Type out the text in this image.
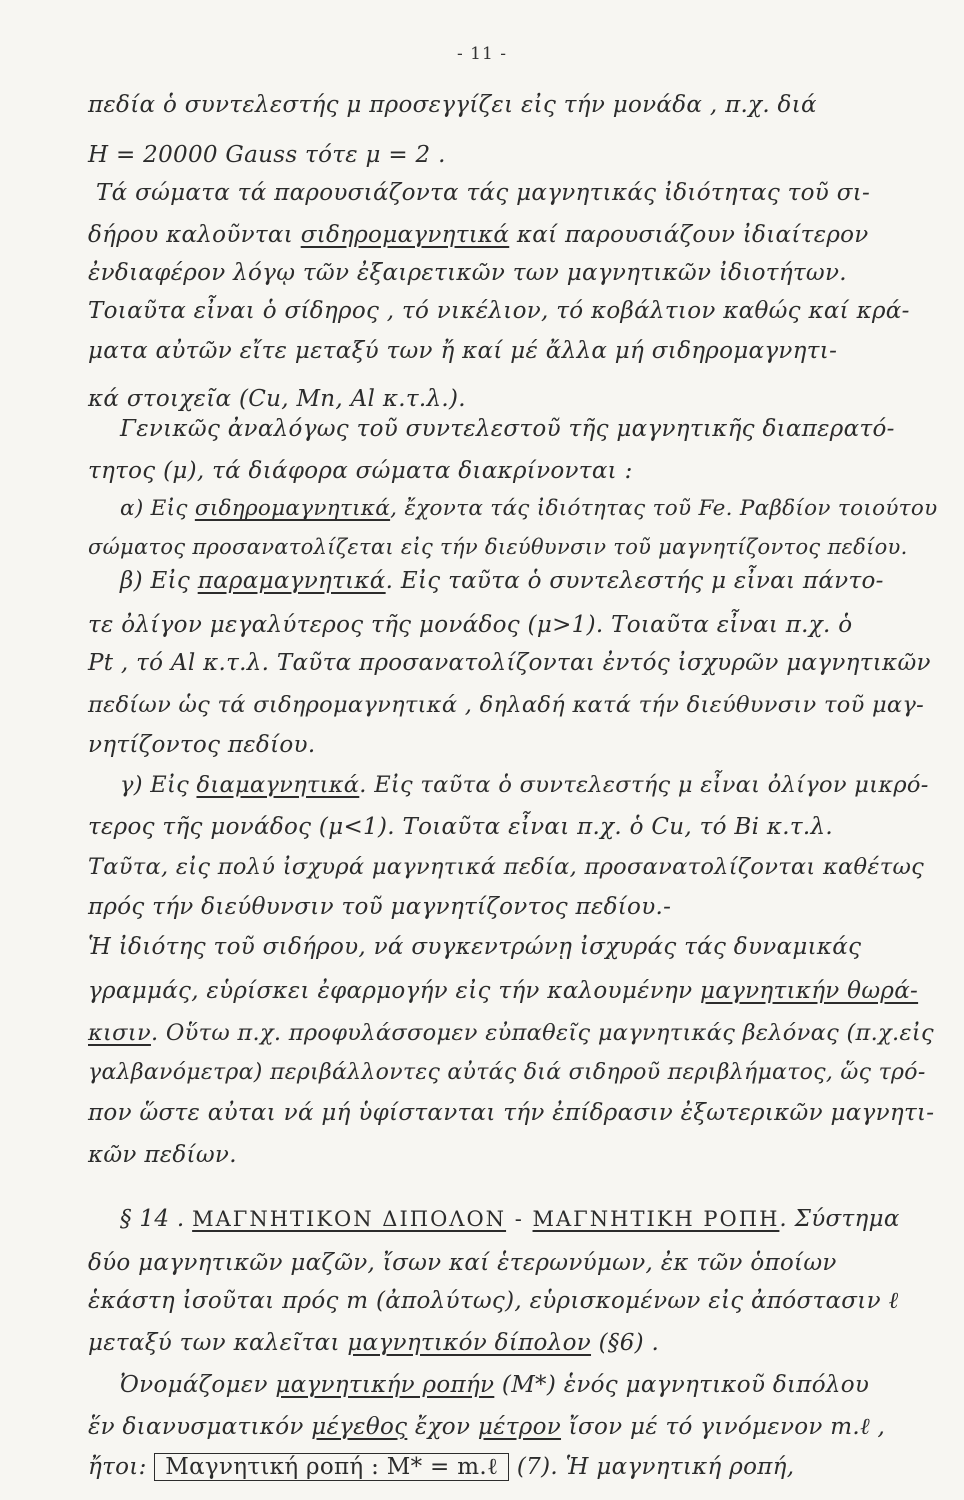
- 11 -
πεδία ὁ συντελεστής μ προσεγγίζει εἰς τήν μονάδα , π.χ. διά
H = 20000 Gauss τότε μ = 2 .
Τά σώματα τά παρουσιάζοντα τάς μαγνητικάς ἰδιότητας τοῦ σι-
δήρου καλοῦνται σιδηρομαγνητικά καί παρουσιάζουν ἰδιαίτερον
ἐνδιαφέρον λόγῳ τῶν ἐξαιρετικῶν των μαγνητικῶν ἰδιοτήτων.
Τοιαῦτα εἶναι ὁ σίδηρος , τό νικέλιον, τό κοβάλτιον καθώς καί κρά-
ματα αὐτῶν εἴτε μεταξύ των ἤ καί μέ ἄλλα μή σιδηρομαγνητι-
κά στοιχεῖα (Cu, Mn, Al κ.τ.λ.).
Γενικῶς ἀναλόγως τοῦ συντελεστοῦ τῆς μαγνητικῆς διαπερατό-
τητος (μ), τά διάφορα σώματα διακρίνονται :
α) Εἰς σιδηρομαγνητικά, ἔχοντα τάς ἰδιότητας τοῦ Fe. Ραβδίον τοιούτου
σώματος προσανατολίζεται εἰς τήν διεύθυνσιν τοῦ μαγνητίζοντος πεδίου.
β) Εἰς παραμαγνητικά. Εἰς ταῦτα ὁ συντελεστής μ εἶναι πάντο-
τε ὀλίγον μεγαλύτερος τῆς μονάδος (μ>1). Τοιαῦτα εἶναι π.χ. ὁ
Pt , τό Al κ.τ.λ. Ταῦτα προσανατολίζονται ἐντός ἰσχυρῶν μαγνητικῶν
πεδίων ὡς τά σιδηρομαγνητικά , δηλαδή κατά τήν διεύθυνσιν τοῦ μαγ-
νητίζοντος πεδίου.
γ) Εἰς διαμαγνητικά. Εἰς ταῦτα ὁ συντελεστής μ εἶναι ὀλίγον μικρό-
τερος τῆς μονάδος (μ<1). Τοιαῦτα εἶναι π.χ. ὁ Cu, τό Bi κ.τ.λ.
Ταῦτα, εἰς πολύ ἰσχυρά μαγνητικά πεδία, προσανατολίζονται καθέτως
πρός τήν διεύθυνσιν τοῦ μαγνητίζοντος πεδίου.-
Ἡ ἰδιότης τοῦ σιδήρου, νά συγκεντρώνῃ ἰσχυράς τάς δυναμικάς
γραμμάς, εὑρίσκει ἐφαρμογήν εἰς τήν καλουμένην μαγνητικήν θωρά-
κισιν. Οὕτω π.χ. προφυλάσσομεν εὐπαθεῖς μαγνητικάς βελόνας (π.χ.εἰς
γαλβανόμετρα) περιβάλλοντες αὐτάς διά σιδηροῦ περιβλήματος, ὥς τρό-
πον ὥστε αὐται νά μή ὑφίστανται τήν ἐπίδρασιν ἐξωτερικῶν μαγνητι-
κῶν πεδίων.
§ 14 . ΜΑΓΝΗΤΙΚΟΝ ΔΙΠΟΛΟΝ - ΜΑΓΝΗΤΙΚΗ ΡΟΠΗ. Σύστημα
δύο μαγνητικῶν μαζῶν, ἴσων καί ἑτερωνύμων, ἐκ τῶν ὁποίων
ἑκάστη ἰσοῦται πρός m (ἀπολύτως), εὑρισκομένων εἰς ἀπόστασιν ℓ
μεταξύ των καλεῖται μαγνητικόν δίπολον (§6) .
Ὀνομάζομεν μαγνητικήν ροπήν (M*) ἑνός μαγνητικοῦ διπόλου
ἕν διανυσματικόν μέγεθος ἔχον μέτρον ἴσον μέ τό γινόμενον m.ℓ ,
ἤτοι: Μαγνητική ροπή : M* = m.ℓ (7). Ἡ μαγνητική ροπή,
